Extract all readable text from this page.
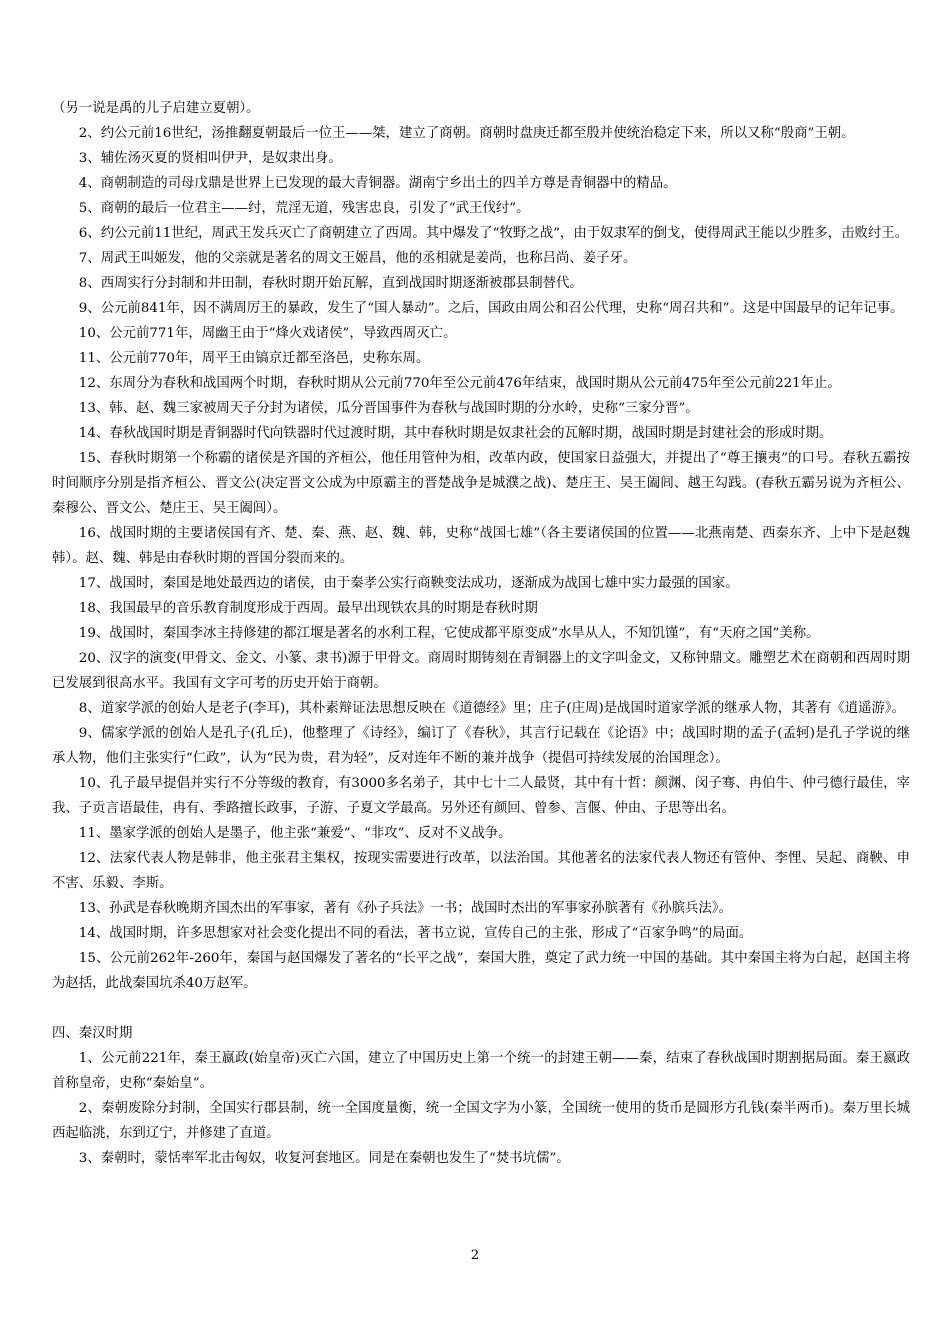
（另一说是禹的儿子启建立夏朝）。

2、约公元前16世纪，汤推翻夏朝最后一位王——桀，建立了商朝。商朝时盘庚迁都至殷并使统治稳定下来，所以又称“殷商”王朝。

3、辅佐汤灭夏的贤相叫伊尹，是奴隶出身。

4、商朝制造的司母戊鼎是世界上已发现的最大青铜器。湖南宁乡出土的四羊方尊是青铜器中的精品。

5、商朝的最后一位君主——纣，荒淫无道，残害忠良，引发了“武王伐纣”。

6、约公元前11世纪，周武王发兵灭亡了商朝建立了西周。其中爆发了“牧野之战”，由于奴隶军的倒戈，使得周武王能以少胜多，击败纣王。

7、周武王叫姬发，他的父亲就是著名的周文王姬昌，他的丞相就是姜尚，也称吕尚、姜子牙。

8、西周实行分封制和井田制，春秋时期开始瓦解，直到战国时期逐渐被郡县制替代。

9、公元前841年，因不满周厉王的暴政，发生了“国人暴动”。之后，国政由周公和召公代理，史称“周召共和”。这是中国最早的记年记事。

10、公元前771年，周幽王由于“烽火戏诸侯”，导致西周灭亡。

11、公元前770年，周平王由镐京迁都至洛邑，史称东周。

12、东周分为春秋和战国两个时期，春秋时期从公元前770年至公元前476年结束，战国时期从公元前475年至公元前221年止。

13、韩、赵、魏三家被周天子分封为诸侯，瓜分晋国事件为春秋与战国时期的分水岭，史称“三家分晋”。

14、春秋战国时期是青铜器时代向铁器时代过渡时期，其中春秋时期是奴隶社会的瓦解时期，战国时期是封建社会的形成时期。

15、春秋时期第一个称霸的诸侯是齐国的齐桓公，他任用管仲为相，改革内政，使国家日益强大，并提出了“尊王攘夷”的口号。春秋五霸按时间顺序分别是指齐桓公、晋文公(决定晋文公成为中原霸主的晋楚战争是城濮之战)、楚庄王、吴王阖闾、越王勾践。(春秋五霸另说为齐桓公、秦穆公、晋文公、楚庄王、吴王阖闾）。

16、战国时期的主要诸侯国有齐、楚、秦、燕、赵、魏、韩，史称“战国七雄”（各主要诸侯国的位置——北燕南楚、西秦东齐、上中下是赵魏韩）。赵、魏、韩是由春秋时期的晋国分裂而来的。

17、战国时，秦国是地处最西边的诸侯，由于秦孝公实行商鞅变法成功，逐渐成为战国七雄中实力最强的国家。

18、我国最早的音乐教育制度形成于西周。最早出现铁农具的时期是春秋时期

19、战国时，秦国李冰主持修建的都江堰是著名的水利工程，它使成都平原变成“水旱从人，不知饥馑”，有“天府之国”美称。

20、汉字的演变(甲骨文、金文、小篆、隶书)源于甲骨文。商周时期铸刻在青铜器上的文字叫金文，又称钟鼎文。雕塑艺术在商朝和西周时期已发展到很高水平。我国有文字可考的历史开始于商朝。

8、道家学派的创始人是老子(李耳)，其朴素辩证法思想反映在《道德经》里；庄子(庄周)是战国时道家学派的继承人物，其著有《逍遥游》。

9、儒家学派的创始人是孔子(孔丘)，他整理了《诗经》，编订了《春秋》，其言行记载在《论语》中；战国时期的孟子(孟轲)是孔子学说的继承人物，他们主张实行“仁政”，认为“民为贵，君为轻”，反对连年不断的兼并战争（提倡可持续发展的治国理念）。

10、孔子最早提倡并实行不分等级的教育，有3000多名弟子，其中七十二人最贤，其中有十哲：颜渊、闵子骞、冉伯牛、仲弓德行最佳，宰我、子贡言语最佳，冉有、季路擅长政事，子游、子夏文学最高。另外还有颜回、曾参、言偃、仲由、子思等出名。

11、墨家学派的创始人是墨子，他主张“兼爱”、“非攻”、反对不义战争。

12、法家代表人物是韩非，他主张君主集权，按现实需要进行改革，以法治国。其他著名的法家代表人物还有管仲、李悝、吴起、商鞅、申不害、乐毅、李斯。

13、孙武是春秋晚期齐国杰出的军事家，著有《孙子兵法》一书；战国时杰出的军事家孙膑著有《孙膑兵法》。

14、战国时期，许多思想家对社会变化提出不同的看法，著书立说，宣传自己的主张，形成了“百家争鸣”的局面。

15、公元前262年-260年，秦国与赵国爆发了著名的“长平之战”，秦国大胜，奠定了武力统一中国的基础。其中秦国主将为白起，赵国主将为赵括，此战秦国坑杀40万赵军。

四、秦汉时期

1、公元前221年，秦王嬴政(始皇帝)灭亡六国，建立了中国历史上第一个统一的封建王朝——秦，结束了春秋战国时期割据局面。秦王嬴政首称皇帝，史称“秦始皇”。

2、秦朝废除分封制，全国实行郡县制，统一全国度量衡，统一全国文字为小篆，全国统一使用的货币是圆形方孔钱(秦半两币)。秦万里长城西起临洮，东到辽宁，并修建了直道。

3、秦朝时，蒙恬率军北击匈奴，收复河套地区。同是在秦朝也发生了“焚书坑儒”。

2
